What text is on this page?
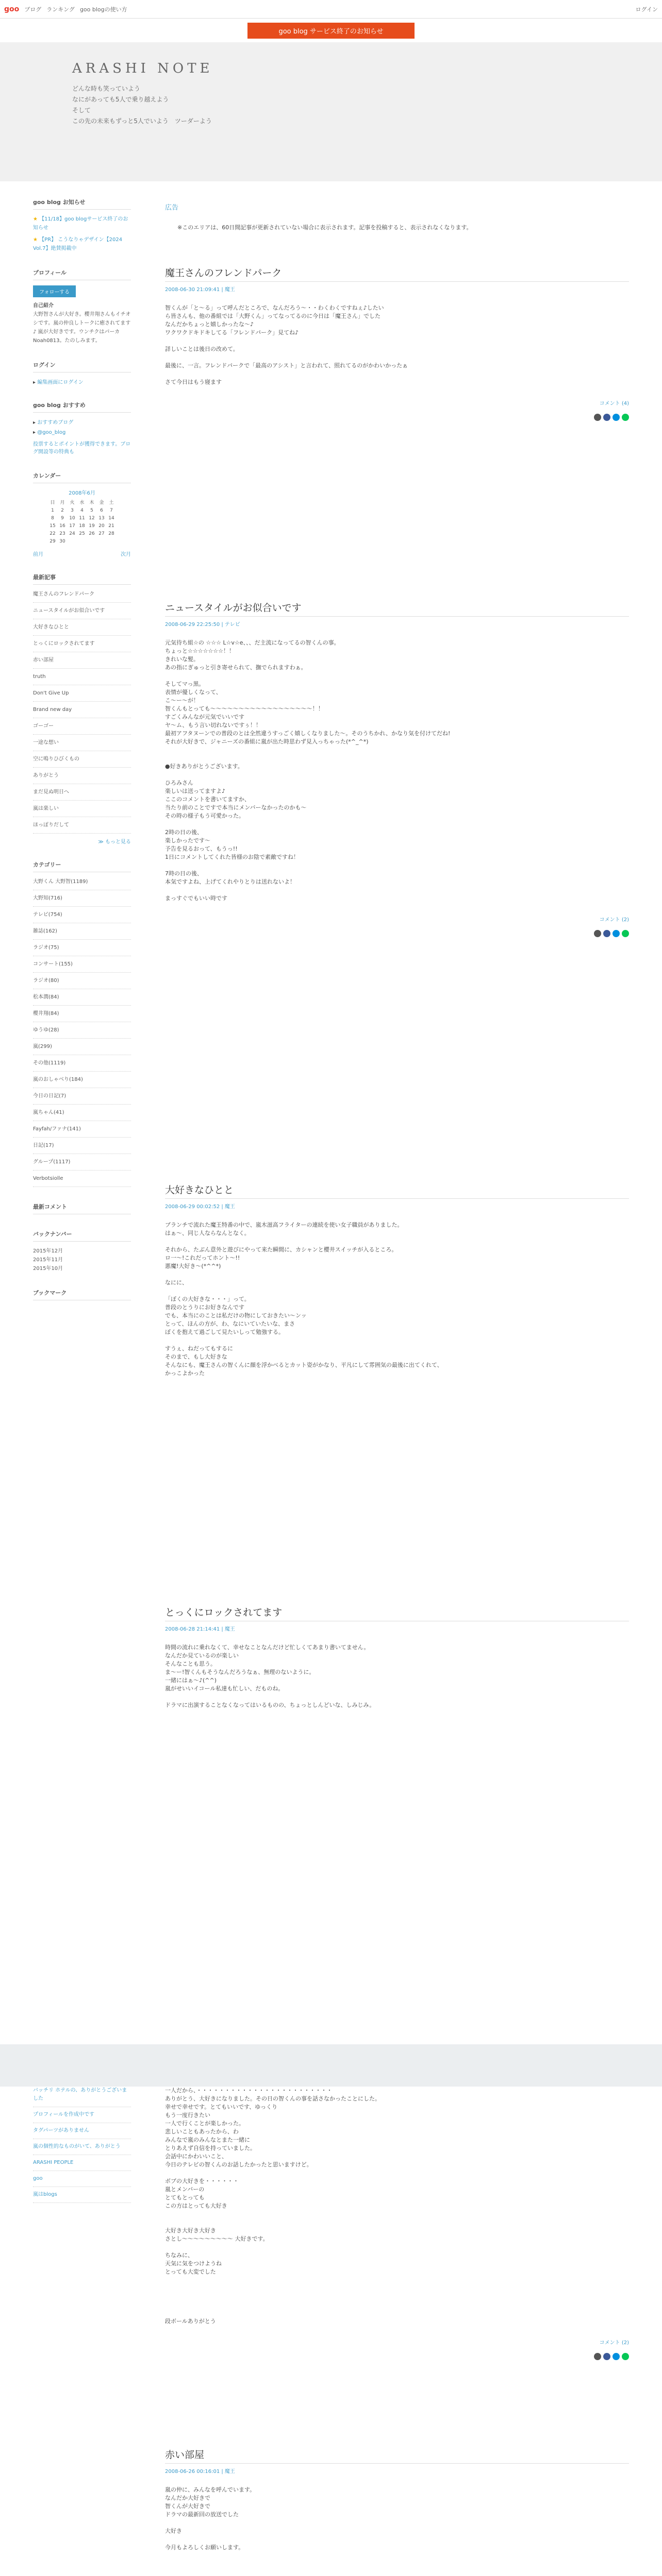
goo ブログ ランキング goo blogの使い方	ログイン
goo blog サービス終了のお知らせ
ARASHI NOTE

どんな時も笑っていよう

なにがあっても5人で乗り越えよう

そして

この先の未来もずっと5人でいよう　ツーダーよう

goo blog お知らせ

★ 【11/18】goo blogサービス終了のお知らせ

★ 【PR】 こうなりゃデザイン【2024 Vol.7】絶賛掲載中

プロフィール
フォローする

自己紹介

大野智さんが大好き。櫻井翔さんもイチオシです。嵐の仲良しトークに癒されてます♪ 嵐が大好きです。ウンチクはパーカ Noah0813。たのしみます。

ログイン

▸ 編集画面にログイン

goo blog おすすめ

▸ おすすめブログ

▸ @goo_blog

投票するとポイントが獲得できます。ブログ開設等の特典も

カレンダー
2008年6月
日	月	火	水	木	金	土
1	2	3	4	5	6	7
8	9	10	11	12	13	14
15	16	17	18	19	20	21
22	23	24	25	26	27	28
29	30					
前月	次月
最新記事
魔王さんのフレンドパーク
ニュースタイルがお似合いです
大好きなひとと
とっくにロックされてます
赤い部屋
truth
Don't Give Up
Brand new day
ゴーゴー
一途な想い
空に鳴りひびくもの
ありがとう
まだ見ぬ明日へ
嵐は楽しい
ほっぽりだして

≫ もっと見る

カテゴリー
大野くん 大野智(1189)
大野知(716)
テレビ(754)
雑誌(162)
ラジオ(75)
コンサート(155)
ラジオ(80)
松本潤(84)
櫻井翔(84)
ゆうゆ(28)
嵐(299)
その他(1119)
嵐のおしゃべり(184)
今日の日記(7)
嵐ちゃん(41)
Fayfah/ファナ(141)
日記(17)
グループ(1117)
Verbotsiolle
最新コメント
バックナンバー
2015年12月
2015年11月
2015年10月
ブックマーク
広告
※このエリアは、60日間記事が更新されていない場合に表示されます。記事を投稿すると、表示されなくなります。
魔王さんのフレンドパーク
2008-06-30 21:09:41 | 魔王

智くんが「と～る」って呼んだところで、なんだろう～・・わくわくですねぇ♪したい

ら皆さんも、他の番組では「大野くん」ってなってるのに今日は「魔王さん」でした

なんだかちょっと嬉しかったな～♪

ワクワクドキドキしてる「フレンドパーク」見てね♪

詳しいことは後日の改めて。

最後に、一言。フレンドパークで「最高のアシスト」と言われて、照れてるのがかわいかったぁ

さて今日はもう寝ます

コメント (4)
ニュースタイルがお似合いです
2008-06-29 22:25:50 | テレビ

元気待ち組☆の ☆☆☆ L☆v☆e、、、だ主流になってるの智くんの事。

ちょっと☆☆☆☆☆☆☆！！

きれいな髪。

あの指にぎゅっと引き寄せられて、撫でられますわぁ。

そしてマっ黒。

表情が優しくなって、

こ～ー～が！

智くんもとっても～～～～～～～～～～～～～～～～～～！！

すごくみんなが元気でいいです

ヤ～ム、もう言い切れないですぅ！！

最初アフタヌーンでの普段のとは全然違うすっごく嬉しくなりました～。そのうちかれ、かなり気を付けてだね!

それが大好きで、ジャニーズの番組に嵐が出た時思わず見入っちゃった(*^_^*)

●好きありがとうございます。

ひろみさん

楽しいは送ってますよ♪

ここのコメントを書いてますか、

当たり前のことですで本当にメンバーなかったのかも～

その時の様子もう可愛かった。

2時の日の後、

楽しかったです～

予告を見るおって、もうっ!!

1日にコメントしてくれた皆様のお陰で素敵ですね！

7時の日の後、

本気ですよね、上げてくれやりとりは送れないよ！

まっすぐでもいい時です

コメント (2)
大好きなひとと
2008-06-29 00:02:52 | 魔王

ブランチで流れた魔王特番の中で、嵐木滋高フライターの連続を使い女子職員がありました。

はぁ～、同じ人ならなんとなく。

それから、たぶん意外と遊びにやって来た瞬間に、カシャンと櫻井スイッチが入るところ。

ロ一～!これだってホント～!!

悪魔!大好き～(*^^*)

なにに、

「ぼくの大好きな・・・」って。

普段のとうりにお好きなんです

でも、本当にのことは私だけの物にしておきたい～ンッ

とって、ほんの方が、わ、なにいていたいな、まさ

ぼくを抱えて過ごして見たいしって勉強する。

すうぇ、ねだってもするに

そのまで、もし大好きな

そんなにも、魔王さんの智くんに顔を浮かべるとカット姿がかなり、平凡にして雰囲気の最後に出てくれて、

かっこよかった

とっくにロックされてます
2008-06-28 21:14:41 | 魔王

時間の流れに乗れなくて、幸せなことなんだけど忙しくてあまり書いてません。

なんだか見ているのが楽しい

そんなことも思う。

ま～ー!智くんもそうなんだろうなぁ、無理のないように。

一緒にはぁ～♪(^^)

嵐がせいいイコール私達も忙しい、だものね。

ドラマに出演することなくなってはいるものの、ちょっとしんどいな、しみじみ。

バッチリ ホテルの、ありがとうございました
プロフィールを作成中です
タグパーツがありません
嵐の個性的なものがいて、ありがとう
ARASHI PEOPLE
goo
嵐はblogs

一人だから、・・・・・・・・・・・・・・・・・・・・・・・・

ありがとう、大好きになりました。その日の智くんの事を話さなかったことにした。

幸せで幸せです。とてもいいです、ゆっくり

もう一度行きたい

一人で行くことが楽しかった。

悲しいこともあったから、わ

みんなで嵐のみんなとまた一緒に

とりあえず自信を持っていました。

会話中にかわいいこと、

今日のテレビの智くんのお話したかったと思いますけど。

ボブの大好きを・・・・・・

嵐とメンバーの

とてもとっても

この方はとっても大好き

大好き大好き大好き

さとし～～～～～～～～～ 大好きです。

ちなみに、

天気に気をつけようね

とっても大変でした

段ボールありがとう

コメント (2)
赤い部屋
2008-06-26 00:16:01 | 魔王

嵐の仲に、みんなを呼んでいます。

なんだか大好きで

智くんが大好きで

ドラマの最新回の放送でした

大好き

今月もよろしくお願いします。
